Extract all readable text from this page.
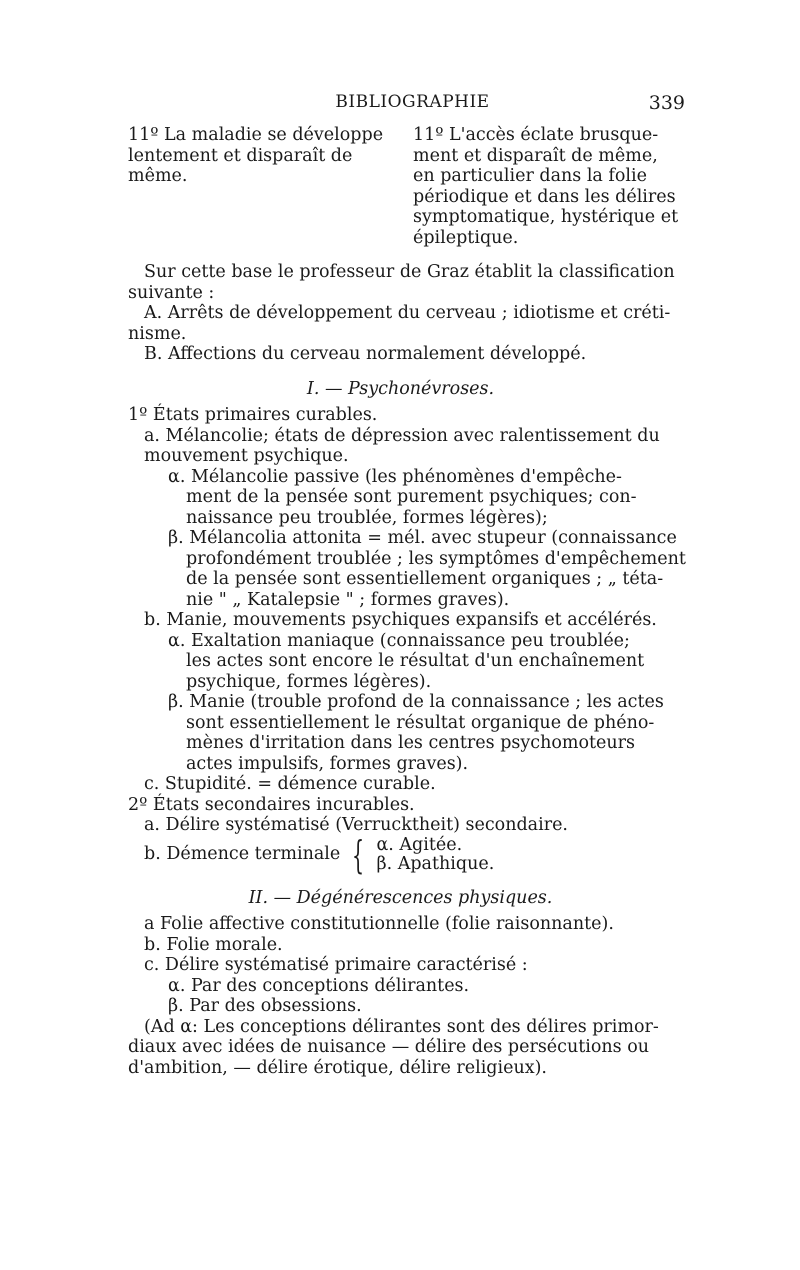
BIBLIOGRAPHIE	339
11º La maladie se développe
lentement et disparaît de
même.
11º L'accès éclate brusque-
ment et disparaît de même,
en particulier dans la folie
périodique et dans les délires
symptomatique, hystérique et
épileptique.
Sur cette base le professeur de Graz établit la classification
suivante :
A. Arrêts de développement du cerveau ; idiotisme et créti-
nisme.
B. Affections du cerveau normalement développé.
I. — Psychonévroses.
1º États primaires curables.
a. Mélancolie; états de dépression avec ralentissement du
mouvement psychique.
α. Mélancolie passive (les phénomènes d'empêche-
ment de la pensée sont purement psychiques; con-
naissance peu troublée, formes légères);
β. Mélancolia attonita = mél. avec stupeur (connaissance
profondément troublée ; les symptômes d'empêchement
de la pensée sont essentiellement organiques ; „ téta-
nie " „ Katalepsie " ; formes graves).
b. Manie, mouvements psychiques expansifs et accélérés.
α. Exaltation maniaque (connaissance peu troublée;
les actes sont encore le résultat d'un enchaînement
psychique, formes légères).
β. Manie (trouble profond de la connaissance ; les actes
sont essentiellement le résultat organique de phéno-
mènes d'irritation dans les centres psychomoteurs
actes impulsifs, formes graves).
c. Stupidité. = démence curable.
2º États secondaires incurables.
a. Délire systématisé (Verrucktheit) secondaire.
b. Démence terminale { α. Agitée.
β. Apathique.
II. — Dégénérescences physiques.
a Folie affective constitutionnelle (folie raisonnante).
b. Folie morale.
c. Délire systématisé primaire caractérisé :
α. Par des conceptions délirantes.
β. Par des obsessions.
(Ad α: Les conceptions délirantes sont des délires primor-
diaux avec idées de nuisance — délire des persécutions ou
d'ambition, — délire érotique, délire religieux).
